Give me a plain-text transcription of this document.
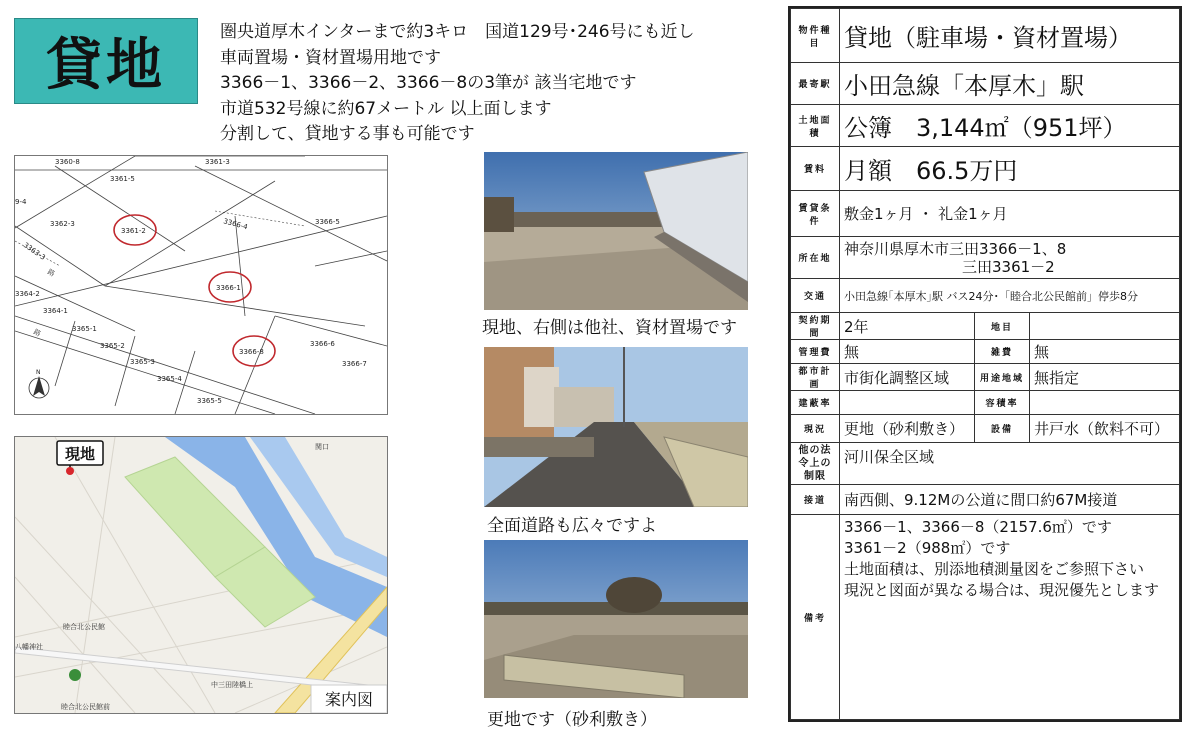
貸地
圏央道厚木インターまで約3キロ　国道129号･246号にも近し
車両置場・資材置場用地です
3366－1、3366－2、3366－8の3筆が 該当宅地です
市道532号線に約67メートル 以上面します
分割して、貸地する事も可能です
3360-8	3361-3
3361-5
3362-3
3361-2	3366-4	3366-5
3363-3
3366-1
3364-2
3364-1
3365-1
3365-2
3365-3
3365-4
3365-5
3366-8
3366-6
3366-7
9-4
路
路
N
現地
睦合北公民館
八幡神社
中三田陸橋上
関口
睦合北公民館前	案内図
現地、右側は他社、資材置場です
全面道路も広々ですよ
更地です（砂利敷き）
物件種目	貸地（駐車場・資材置場）		
最寄駅	小田急線「本厚木」駅		
土地面積	公簿　3,144㎡（951坪）		
賃料	月額　66.5万円		
賃貸条件	敷金1ヶ月 ・ 礼金1ヶ月		
所在地	神奈川県厚木市三田3366－1、8
三田3361－2		

交通	小田急線｢本厚木｣駅 バス24分･「睦合北公民館前」停歩8分		
契約期間	2年	地目	
管理費	無	雑費	無
都市計画	市街化調整区域	用途地域	無指定
建蔽率		容積率	
現況	更地（砂利敷き）	設備	井戸水（飲料不可）
他の法令上の制限	河川保全区域		
接道	南西側、9.12Mの公道に間口約67M接道		
備考	3366－1、3366－8（2157.6㎡）です
3361－2（988㎡）です
土地面積は、別添地積測量図をご参照下さい
現況と図面が異なる場合は、現況優先とします		
